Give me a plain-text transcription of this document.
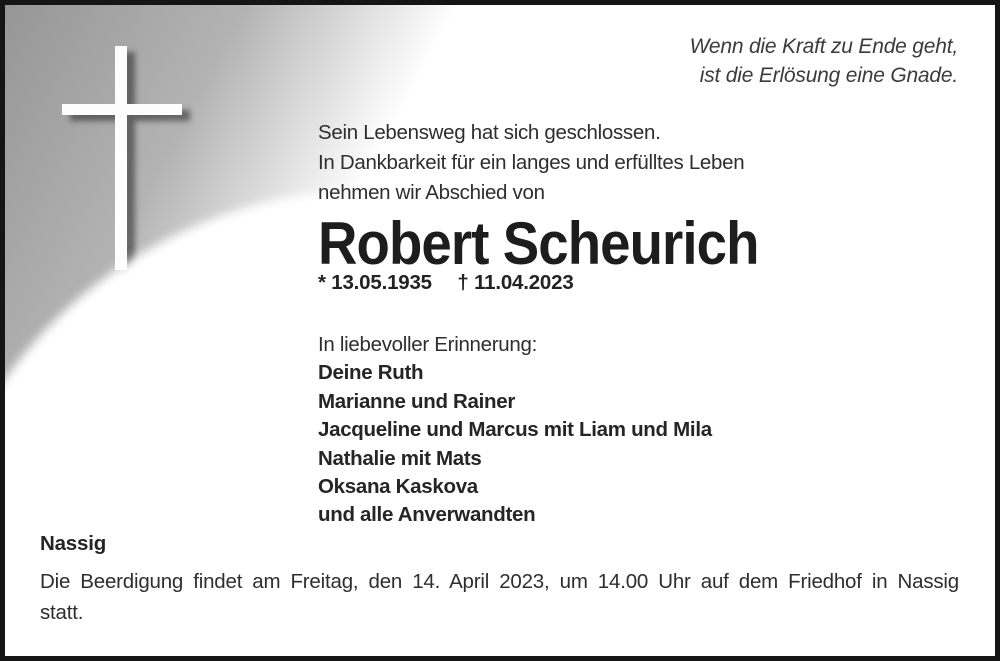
Wenn die Kraft zu Ende geht,
ist die Erlösung eine Gnade.
Sein Lebensweg hat sich geschlossen.
In Dankbarkeit für ein langes und erfülltes Leben
nehmen wir Abschied von
Robert Scheurich
* 13.05.1935 † 11.04.2023
In liebevoller Erinnerung:
Deine Ruth
Marianne und Rainer
Jacqueline und Marcus mit Liam und Mila
Nathalie mit Mats
Oksana Kaskova
und alle Anverwandten
Nassig
Die Beerdigung findet am Freitag, den 14. April 2023, um 14.00 Uhr auf dem Friedhof in Nassig
statt.
